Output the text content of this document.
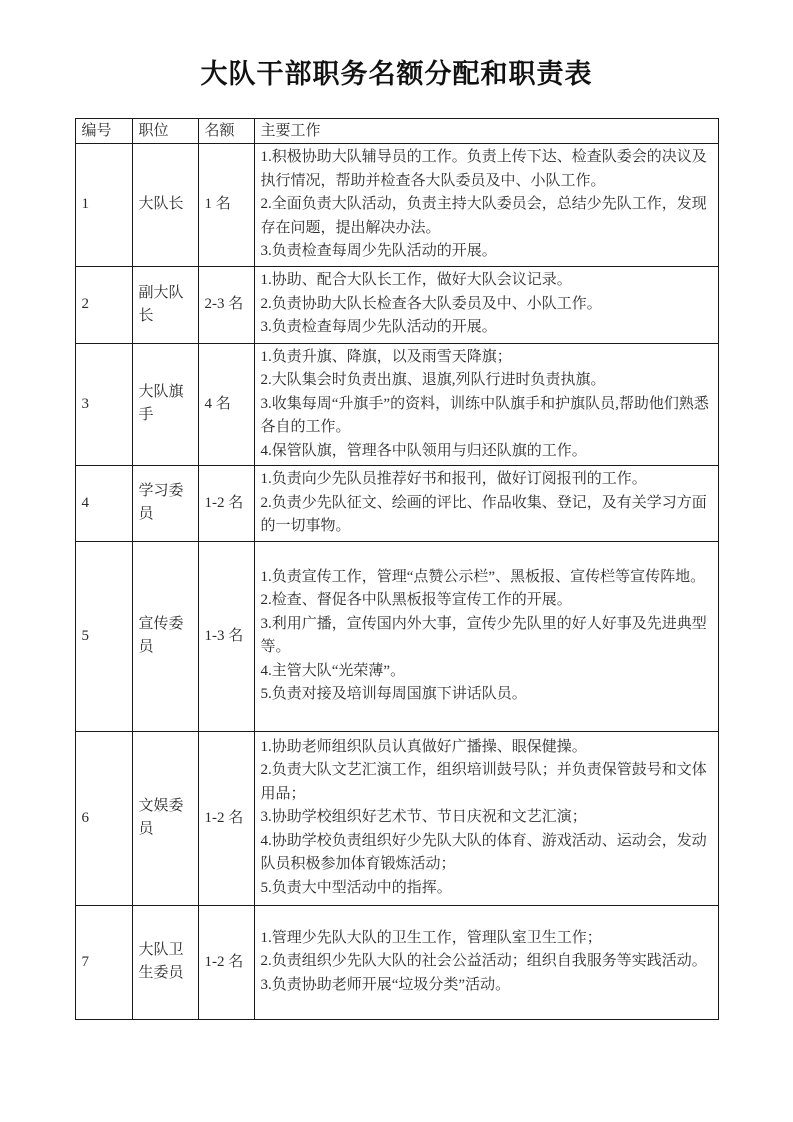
大队干部职务名额分配和职责表
编号	职位	名额	主要工作
1	大队长	1 名	1.积极协助大队辅导员的工作。负责上传下达、检查队委会的决议及执行情况，帮助并检查各大队委员及中、小队工作。
2.全面负责大队活动，负责主持大队委员会，总结少先队工作，发现存在问题，提出解决办法。
3.负责检查每周少先队活动的开展。

2	副大队长	2-3 名	1.协助、配合大队长工作，做好大队会议记录。
2.负责协助大队长检查各大队委员及中、小队工作。
3.负责检查每周少先队活动的开展。

3	大队旗手	4 名	1.负责升旗、降旗，以及雨雪天降旗；
2.大队集会时负责出旗、退旗,列队行进时负责执旗。
3.收集每周“升旗手”的资料，训练中队旗手和护旗队员,帮助他们熟悉各自的工作。
4.保管队旗，管理各中队领用与归还队旗的工作。

4	学习委员	1-2 名	1.负责向少先队员推荐好书和报刊，做好订阅报刊的工作。
2.负责少先队征文、绘画的评比、作品收集、登记，及有关学习方面的一切事物。

5	宣传委员	1-3 名	1.负责宣传工作，管理“点赞公示栏”、黑板报、宣传栏等宣传阵地。
2.检查、督促各中队黑板报等宣传工作的开展。
3.利用广播，宣传国内外大事，宣传少先队里的好人好事及先进典型等。
4.主管大队“光荣薄”。
5.负责对接及培训每周国旗下讲话队员。

6	文娱委员	1-2 名	1.协助老师组织队员认真做好广播操、眼保健操。
2.负责大队文艺汇演工作，组织培训鼓号队；并负责保管鼓号和文体用品；
3.协助学校组织好艺术节、节日庆祝和文艺汇演；
4.协助学校负责组织好少先队大队的体育、游戏活动、运动会，发动队员积极参加体育锻炼活动；
5.负责大中型活动中的指挥。

7	大队卫生委员	1-2 名	1.管理少先队大队的卫生工作，管理队室卫生工作；
2.负责组织少先队大队的社会公益活动；组织自我服务等实践活动。
3.负责协助老师开展“垃圾分类”活动。
